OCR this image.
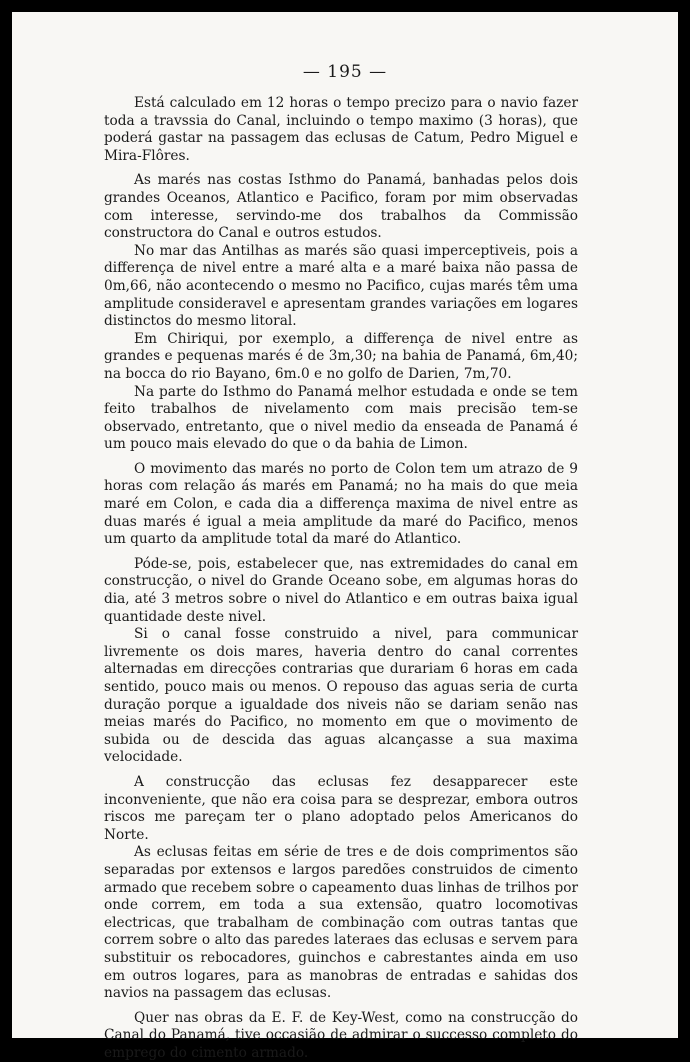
— 195 —

Está calculado em 12 horas o tempo precizo para o navio fazer toda a travssia do Canal, incluindo o tempo maximo (3 horas), que poderá gastar na passagem das eclusas de Catum, Pedro Miguel e Mira-Flôres.

As marés nas costas Isthmo do Panamá, banhadas pelos dois grandes Oceanos, Atlantico e Pacifico, foram por mim observadas com interesse, servindo-me dos trabalhos da Commissão constructora do Canal e outros estudos.

No mar das Antilhas as marés são quasi imperceptiveis, pois a differença de nivel entre a maré alta e a maré baixa não passa de 0m,66, não acontecendo o mesmo no Pacifico, cujas marés têm uma amplitude consideravel e apresentam grandes variações em logares distinctos do mesmo litoral.

Em Chiriqui, por exemplo, a differença de nivel entre as grandes e pequenas marés é de 3m,30; na bahia de Panamá, 6m,40; na bocca do rio Bayano, 6m.0 e no golfo de Darien, 7m,70.

Na parte do Isthmo do Panamá melhor estudada e onde se tem feito trabalhos de nivelamento com mais precisão tem-se observado, entretanto, que o nivel medio da enseada de Panamá é um pouco mais elevado do que o da bahia de Limon.

O movimento das marés no porto de Colon tem um atrazo de 9 horas com relação ás marés em Panamá; no ha mais do que meia maré em Colon, e cada dia a differença maxima de nivel entre as duas marés é igual a meia amplitude da maré do Pacifico, menos um quarto da amplitude total da maré do Atlantico.

Póde-se, pois, estabelecer que, nas extremidades do canal em construcção, o nivel do Grande Oceano sobe, em algumas horas do dia, até 3 metros sobre o nivel do Atlantico e em outras baixa igual quantidade deste nivel.

Si o canal fosse construido a nivel, para communicar livremente os dois mares, haveria dentro do canal correntes alternadas em direcções contrarias que durariam 6 horas em cada sentido, pouco mais ou menos. O repouso das aguas seria de curta duração porque a igualdade dos niveis não se dariam senão nas meias marés do Pacifico, no momento em que o movimento de subida ou de descida das aguas alcançasse a sua maxima velocidade.

A construcção das eclusas fez desapparecer este inconveniente, que não era coisa para se desprezar, embora outros riscos me pareçam ter o plano adoptado pelos Americanos do Norte.

As eclusas feitas em série de tres e de dois comprimentos são separadas por extensos e largos paredões construidos de cimento armado que recebem sobre o capeamento duas linhas de trilhos por onde correm, em toda a sua extensão, quatro locomotivas electricas, que trabalham de combinação com outras tantas que correm sobre o alto das paredes lateraes das eclusas e servem para substituir os rebocadores, guinchos e cabrestantes ainda em uso em outros logares, para as manobras de entradas e sahidas dos navios na passagem das eclusas.

Quer nas obras da E. F. de Key-West, como na construcção do Canal do Panamá, tive occasião de admirar o successo completo do emprego do cimento armado.
